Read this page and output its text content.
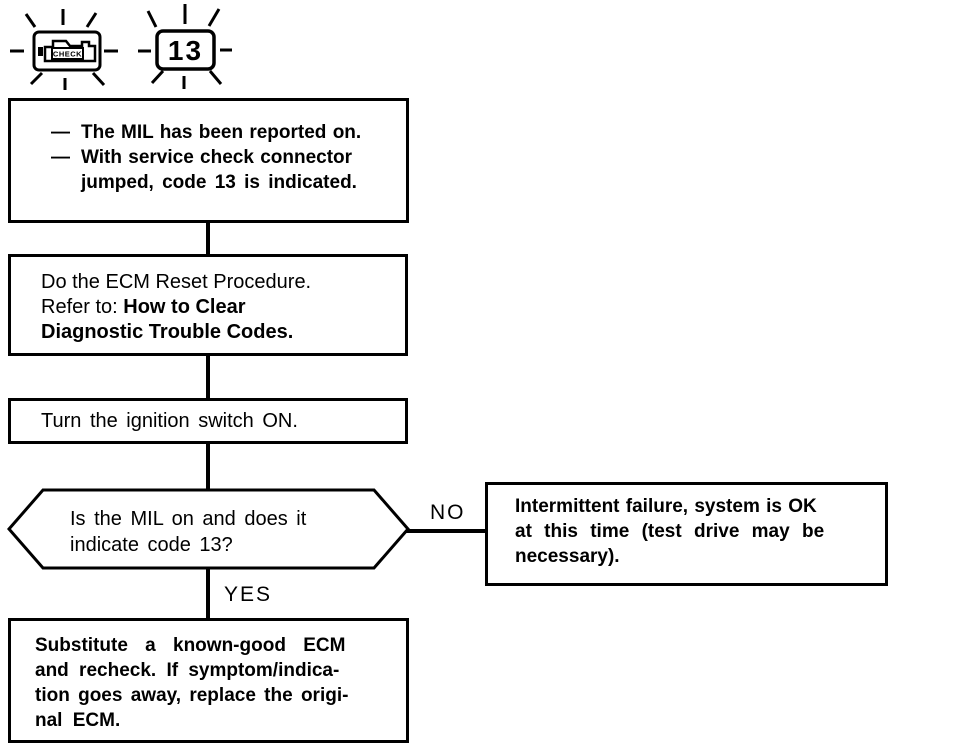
CHECK	13
— The MIL has been reported on.
— With service check connector
jumped, code 13 is indicated.
Do the ECM Reset Procedure.
Refer to: How to Clear
Diagnostic Trouble Codes.
Turn the ignition switch ON.
Is the MIL on and does it
indicate code 13?
NO	Intermittent failure, system is OK
at this time (test drive may be
necessary).
YES
Substitute a known-good ECM
and recheck. If symptom/indica-
tion goes away, replace the origi-
nal ECM.
